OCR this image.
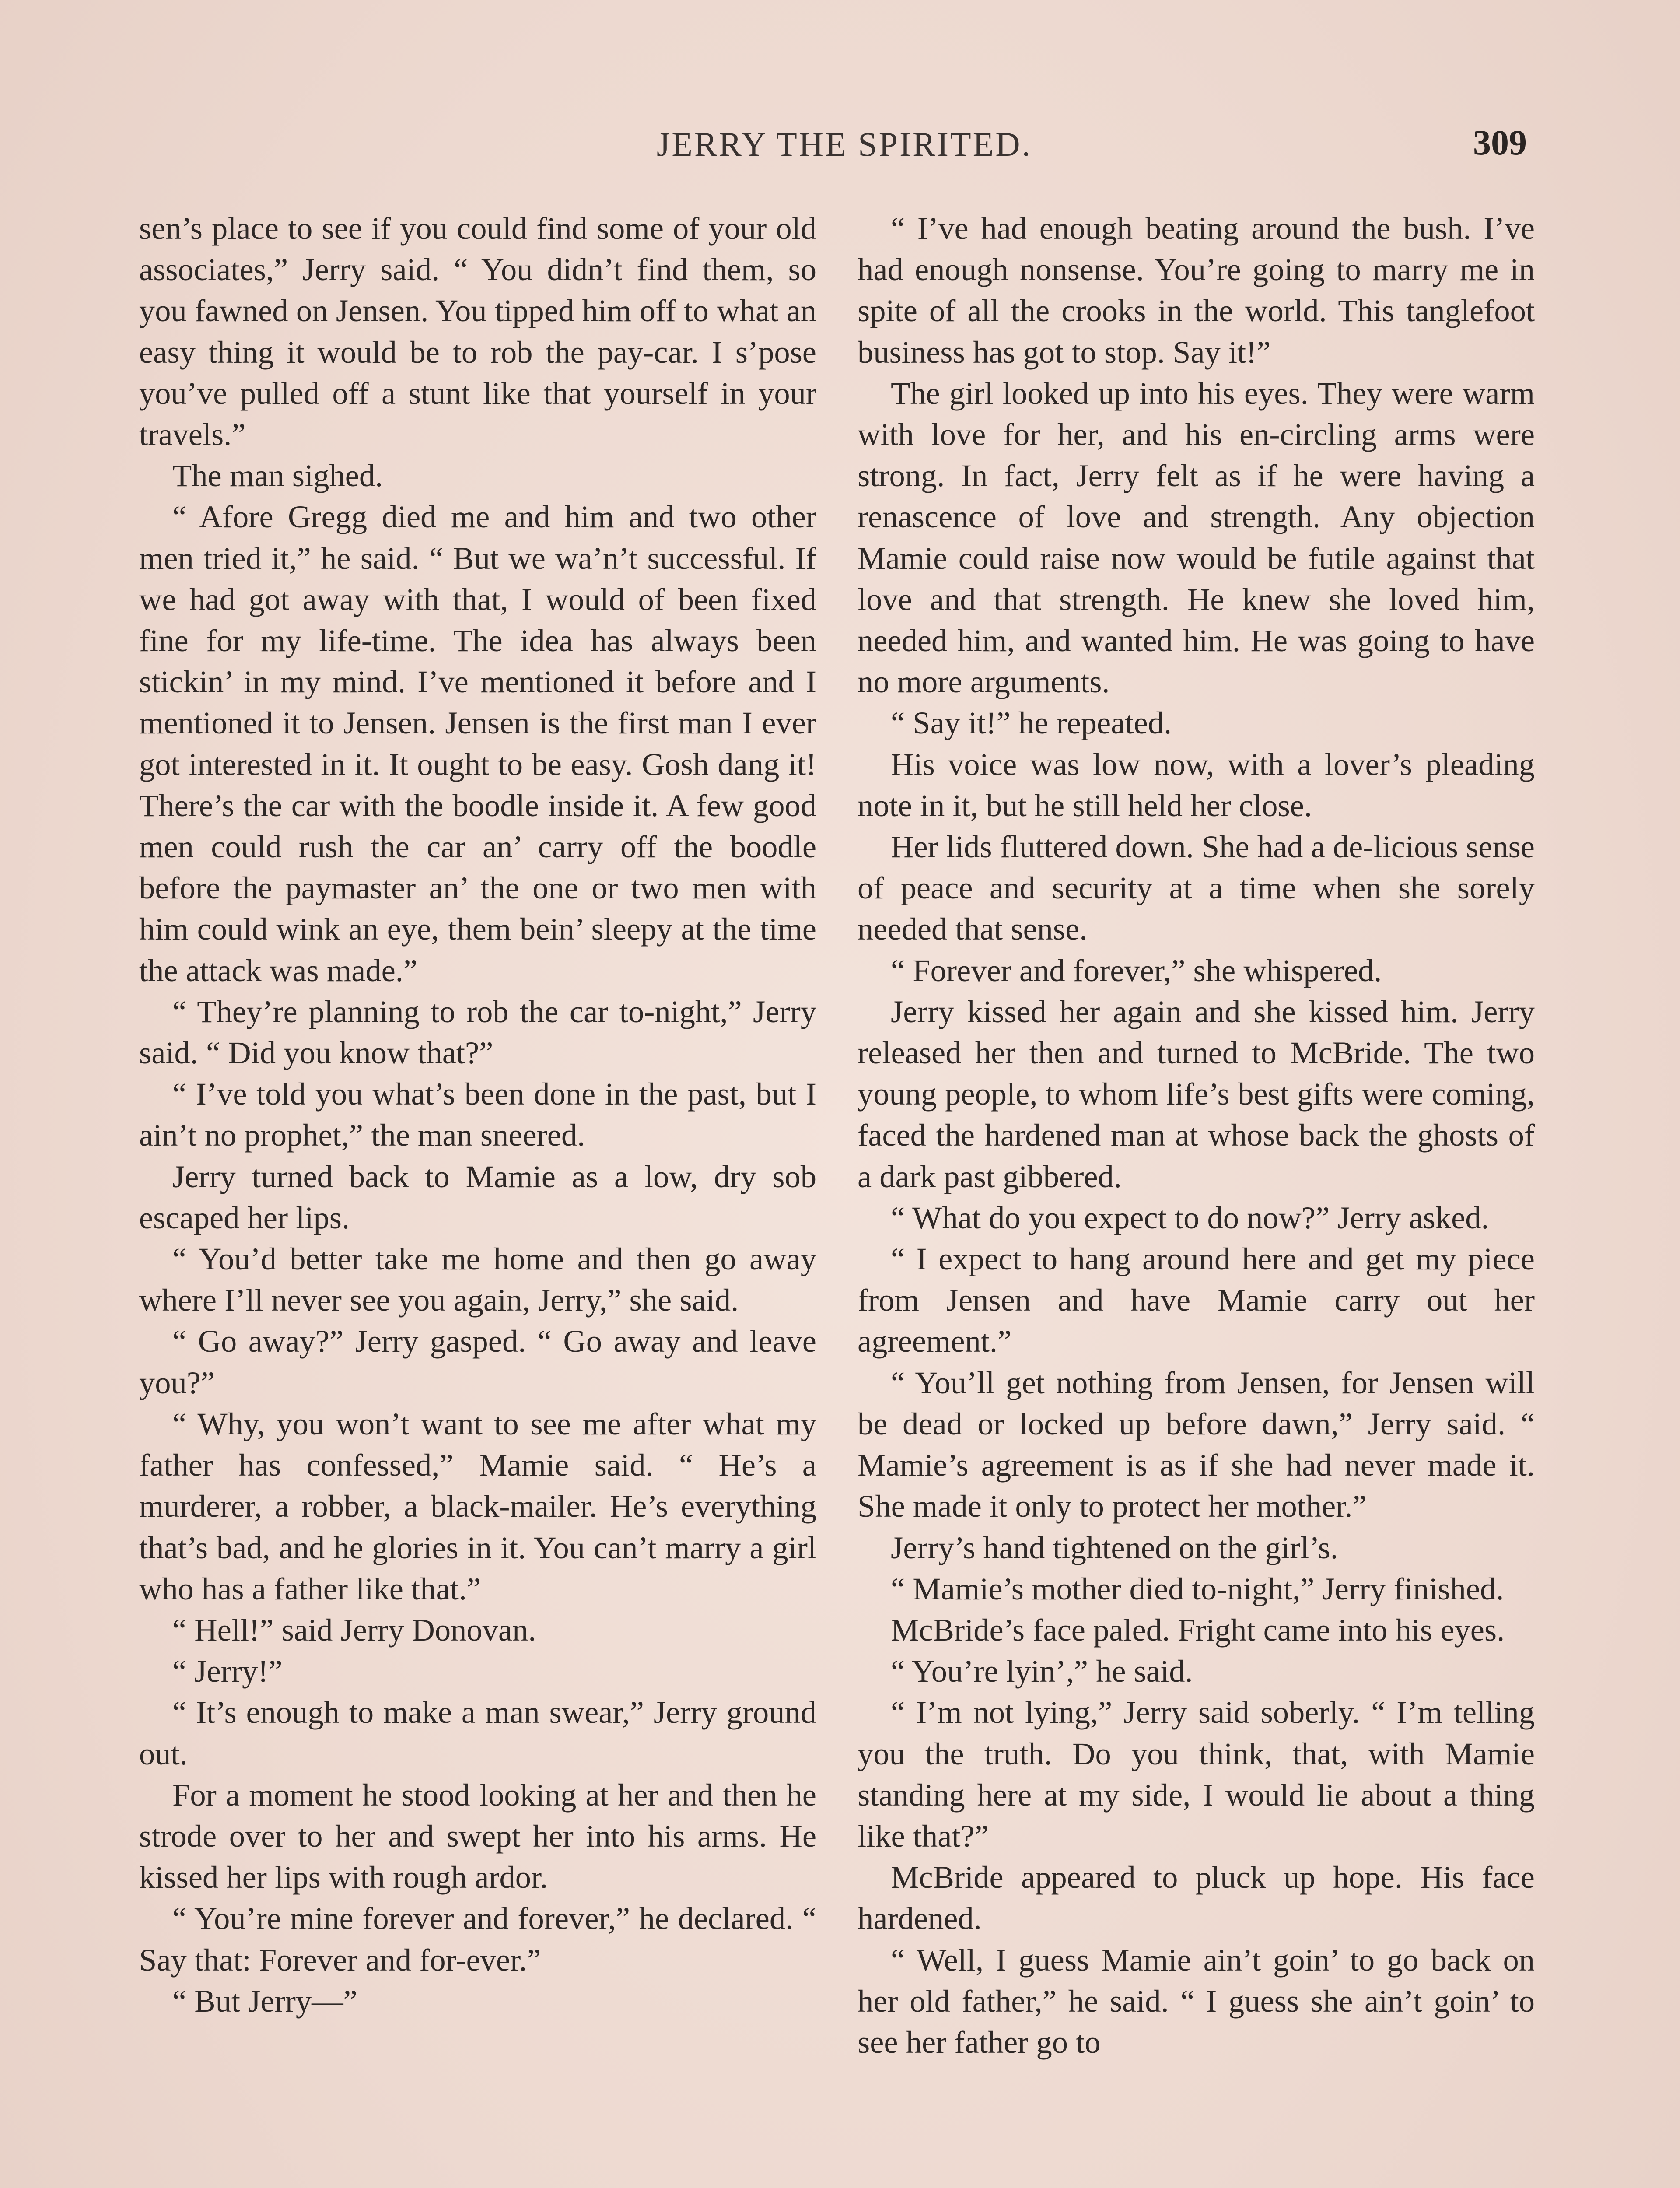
JERRY THE SPIRITED.	309

sen’s place to see if you could find some of your old associates,” Jerry said. “ You didn’t find them, so you fawned on Jensen. You tipped him off to what an easy thing it would be to rob the pay-car. I s’pose you’ve pulled off a stunt like that yourself in your travels.”

The man sighed.

“ Afore Gregg died me and him and two other men tried it,” he said. “ But we wa’n’t successful. If we had got away with that, I would of been fixed fine for my life-time. The idea has always been stickin’ in my mind. I’ve mentioned it before and I mentioned it to Jensen. Jensen is the first man I ever got interested in it. It ought to be easy. Gosh dang it! There’s the car with the boodle inside it. A few good men could rush the car an’ carry off the boodle before the paymaster an’ the one or two men with him could wink an eye, them bein’ sleepy at the time the attack was made.”

“ They’re planning to rob the car to-night,” Jerry said. “ Did you know that?”

“ I’ve told you what’s been done in the past, but I ain’t no prophet,” the man sneered.

Jerry turned back to Mamie as a low, dry sob escaped her lips.

“ You’d better take me home and then go away where I’ll never see you again, Jerry,” she said.

“ Go away?” Jerry gasped. “ Go away and leave you?”

“ Why, you won’t want to see me after what my father has confessed,” Mamie said. “ He’s a murderer, a robber, a black-mailer. He’s everything that’s bad, and he glories in it. You can’t marry a girl who has a father like that.”

“ Hell!” said Jerry Donovan.

“ Jerry!”

“ It’s enough to make a man swear,” Jerry ground out.

For a moment he stood looking at her and then he strode over to her and swept her into his arms. He kissed her lips with rough ardor.

“ You’re mine forever and forever,” he declared. “ Say that: Forever and for-ever.”

“ But Jerry—”

“ I’ve had enough beating around the bush. I’ve had enough nonsense. You’re going to marry me in spite of all the crooks in the world. This tanglefoot business has got to stop. Say it!”

The girl looked up into his eyes. They were warm with love for her, and his en-circling arms were strong. In fact, Jerry felt as if he were having a renascence of love and strength. Any objection Mamie could raise now would be futile against that love and that strength. He knew she loved him, needed him, and wanted him. He was going to have no more arguments.

“ Say it!” he repeated.

His voice was low now, with a lover’s pleading note in it, but he still held her close.

Her lids fluttered down. She had a de-licious sense of peace and security at a time when she sorely needed that sense.

“ Forever and forever,” she whispered.

Jerry kissed her again and she kissed him. Jerry released her then and turned to McBride. The two young people, to whom life’s best gifts were coming, faced the hardened man at whose back the ghosts of a dark past gibbered.

“ What do you expect to do now?” Jerry asked.

“ I expect to hang around here and get my piece from Jensen and have Mamie carry out her agreement.”

“ You’ll get nothing from Jensen, for Jensen will be dead or locked up before dawn,” Jerry said. “ Mamie’s agreement is as if she had never made it. She made it only to protect her mother.”

Jerry’s hand tightened on the girl’s.

“ Mamie’s mother died to-night,” Jerry finished.

McBride’s face paled. Fright came into his eyes.

“ You’re lyin’,” he said.

“ I’m not lying,” Jerry said soberly. “ I’m telling you the truth. Do you think, that, with Mamie standing here at my side, I would lie about a thing like that?”

McBride appeared to pluck up hope. His face hardened.

“ Well, I guess Mamie ain’t goin’ to go back on her old father,” he said. “ I guess she ain’t goin’ to see her father go to
